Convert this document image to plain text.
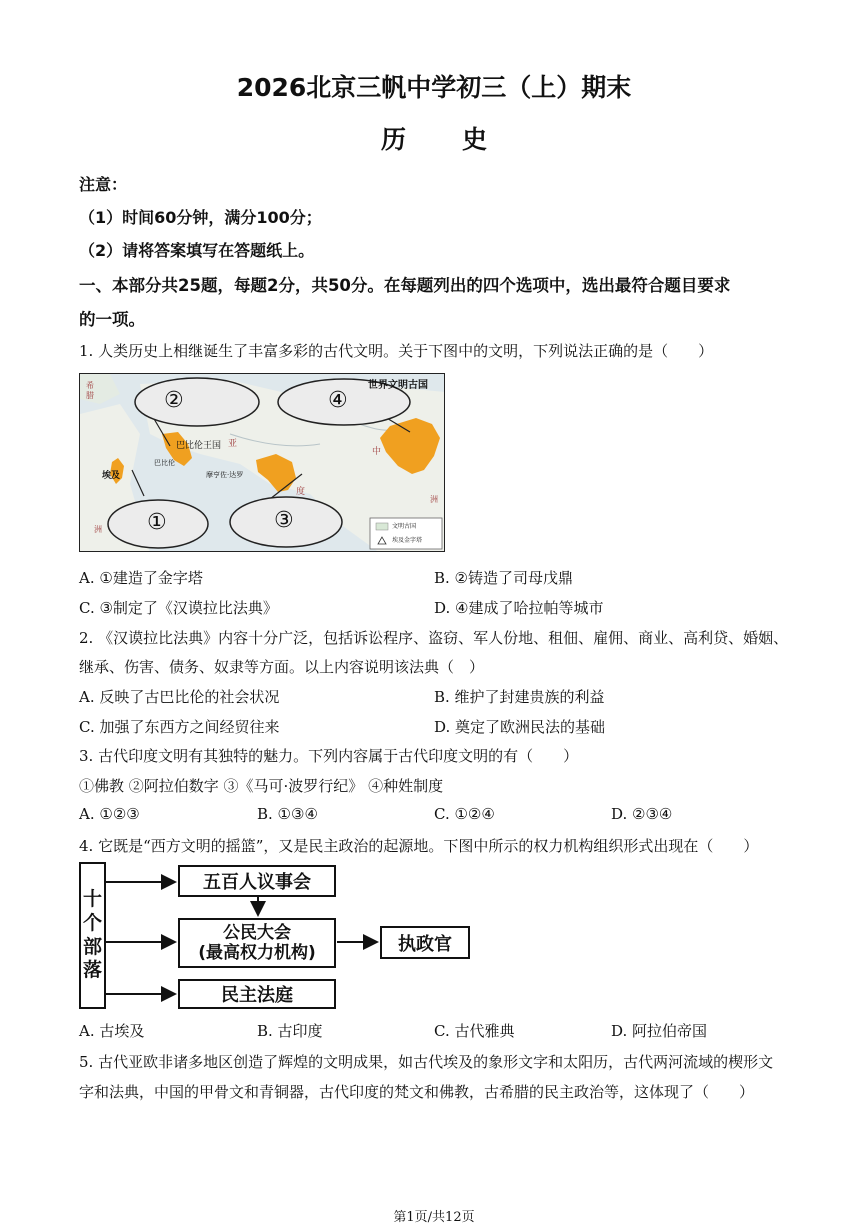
2026北京三帆中学初三（上）期末
历史
注意：
（1）时间60分钟，满分100分；
（2）请将答案填写在答题纸上。
一、本部分共25题，每题2分，共50分。在每题列出的四个选项中，选出最符合题目要求
的一项。
1. 人类历史上相继诞生了丰富多彩的古代文明。关于下图中的文明，下列说法正确的是（　　）
②	④
①	③
世界文明古国
巴比伦王国
巴比伦
埃及	摩亨佐·达罗
亚
度
中
希
腊
洲
洲
文明古国
埃及金字塔
A. ①建造了金字塔	B. ②铸造了司母戊鼎
C. ③制定了《汉谟拉比法典》	D. ④建成了哈拉帕等城市
2. 《汉谟拉比法典》内容十分广泛，包括诉讼程序、盗窃、军人份地、租佃、雇佣、商业、高利贷、婚姻、
继承、伤害、债务、奴隶等方面。以上内容说明该法典（　）
A. 反映了古巴比伦的社会状况	B. 维护了封建贵族的利益
C. 加强了东西方之间经贸往来	D. 奠定了欧洲民法的基础
3. 古代印度文明有其独特的魅力。下列内容属于古代印度文明的有（　　）
①佛教 ②阿拉伯数字 ③《马可·波罗行纪》 ④种姓制度
A. ①②③	B. ①③④	C. ①②④	D. ②③④
4. 它既是“西方文明的摇篮”，又是民主政治的起源地。下图中所示的权力机构组织形式出现在（　　）
十个部落
五百人议事会
公民大会
(最高权力机构)
民主法庭
执政官
A. 古埃及	B. 古印度	C. 古代雅典	D. 阿拉伯帝国
5. 古代亚欧非诸多地区创造了辉煌的文明成果，如古代埃及的象形文字和太阳历，古代两河流域的楔形文
字和法典，中国的甲骨文和青铜器，古代印度的梵文和佛教，古希腊的民主政治等，这体现了（　　）
第1页/共12页
